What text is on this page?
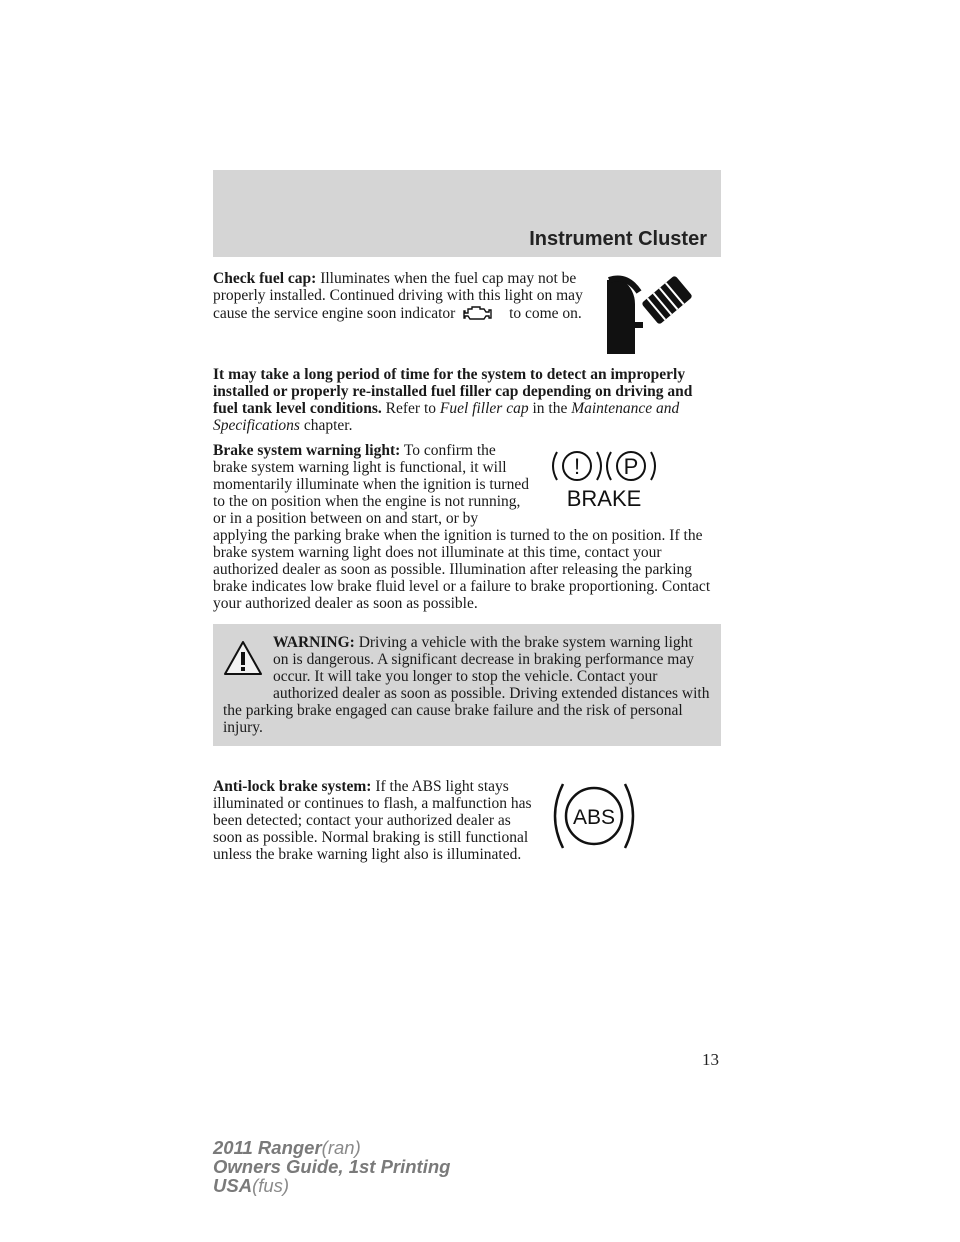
Instrument Cluster

Check fuel cap: Illuminates when the fuel cap may not be properly installed. Continued driving with this light on may cause the service engine soon indicator	to come on.

It may take a long period of time for the system to detect an improperly installed or properly re-installed fuel filler cap depending on driving and fuel tank level conditions. Refer to Fuel filler cap in the Maintenance and Specifications chapter.

! P
BRAKE

Brake system warning light: To confirm the brake system warning light is functional, it will momentarily illuminate when the ignition is turned to the on position when the engine is not running, or in a position between on and start, or by applying the parking brake when the ignition is turned to the on position. If the brake system warning light does not illuminate at this time, contact your authorized dealer as soon as possible. Illumination after releasing the parking brake indicates low brake fluid level or a failure to brake proportioning. Contact your authorized dealer as soon as possible.

WARNING: Driving a vehicle with the brake system warning light on is dangerous. A significant decrease in braking performance may occur. It will take you longer to stop the vehicle. Contact your authorized dealer as soon as possible. Driving extended distances with the parking brake engaged can cause brake failure and the risk of personal injury.

ABS

Anti-lock brake system: If the ABS light stays illuminated or continues to flash, a malfunction has been detected; contact your authorized dealer as soon as possible. Normal braking is still functional unless the brake warning light also is illuminated.

13
2011 Ranger(ran)
Owners Guide, 1st Printing
USA(fus)
